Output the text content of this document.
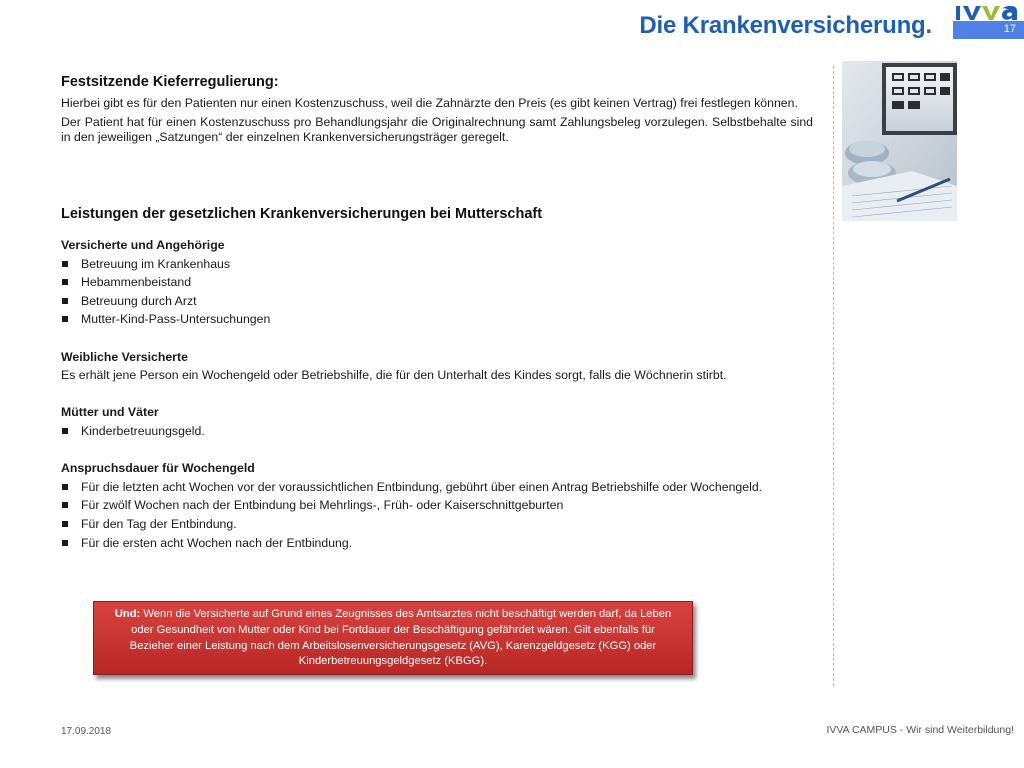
Die Krankenversicherung.	17
Festsitzende Kieferregulierung:

Hierbei gibt es für den Patienten nur einen Kostenzuschuss, weil die Zahnärzte den Preis (es gibt keinen Vertrag) frei festlegen können.

Der Patient hat für einen Kostenzuschuss pro Behandlungsjahr die Originalrechnung samt Zahlungsbeleg vorzulegen. Selbstbehalte sind in den jeweiligen „Satzungen“ der einzelnen Krankenversicherungsträger geregelt.

Leistungen der gesetzlichen Krankenversicherungen bei Mutterschaft
Versicherte und Angehörige
Betreuung im Krankenhaus
Hebammenbeistand
Betreuung durch Arzt
Mutter-Kind-Pass-Untersuchungen
Weibliche Versicherte
Es erhält jene Person ein Wochengeld oder Betriebshilfe, die für den Unterhalt des Kindes sorgt, falls die Wöchnerin stirbt.
Mütter und Väter
Kinderbetreuungsgeld.
Anspruchsdauer für Wochengeld
Für die letzten acht Wochen vor der voraussichtlichen Entbindung, gebührt über einen Antrag Betriebshilfe oder Wochengeld.
Für zwölf Wochen nach der Entbindung bei Mehrlings-, Früh- oder Kaiserschnittgeburten
Für den Tag der Entbindung.
Für die ersten acht Wochen nach der Entbindung.
Und: Wenn die Versicherte auf Grund eines Zeugnisses des Amtsarztes nicht beschäftigt werden darf, da Leben oder Gesundheit von Mutter oder Kind bei Fortdauer der Beschäftigung gefährdet wären. Gilt ebenfalls für Bezieher einer Leistung nach dem Arbeitslosenversicherungsgesetz (AVG), Karenzgeldgesetz (KGG) oder Kinderbetreuungsgeldgesetz (KBGG).
17.09.2018	IVVA CAMPUS - Wir sind Weiterbildung!
